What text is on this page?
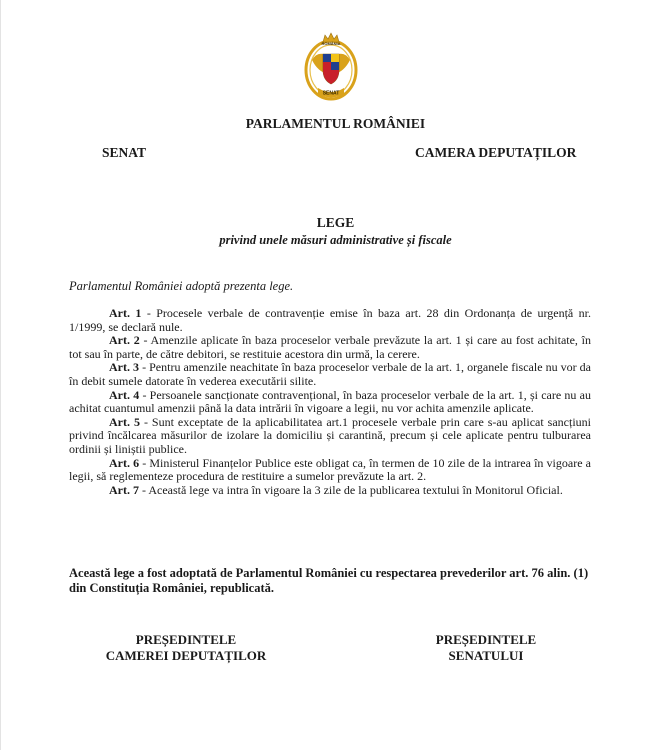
SENAT
ROMÂNIA
PARLAMENTUL ROMÂNIEI
SENAT	CAMERA DEPUTAȚILOR
LEGE
privind unele măsuri administrative și fiscale
Parlamentul României adoptă prezenta lege.

Art. 1 - Procesele verbale de contravenție emise în baza art. 28 din Ordonanța de urgență nr. 1/1999, se declară nule.

Art. 2 - Amenzile aplicate în baza proceselor verbale prevăzute la art. 1 și care au fost achitate, în tot sau în parte, de către debitori, se restituie acestora din urmă, la cerere.

Art. 3 - Pentru amenzile neachitate în baza proceselor verbale de la art. 1, organele fiscale nu vor da în debit sumele datorate în vederea executării silite.

Art. 4 - Persoanele sancționate contravențional, în baza proceselor verbale de la art. 1, și care nu au achitat cuantumul amenzii până la data intrării în vigoare a legii, nu vor achita amenzile aplicate.

Art. 5 - Sunt exceptate de la aplicabilitatea art.1 procesele verbale prin care s-au aplicat sancțiuni privind încălcarea măsurilor de izolare la domiciliu și carantină, precum și cele aplicate pentru tulburarea ordinii și liniștii publice.

Art. 6 - Ministerul Finanțelor Publice este obligat ca, în termen de 10 zile de la intrarea în vigoare a legii, să reglementeze procedura de restituire a sumelor prevăzute la art. 2.

Art. 7 - Această lege va intra în vigoare la 3 zile de la publicarea textului în Monitorul Oficial.

Această lege a fost adoptată de Parlamentul României cu respectarea prevederilor art. 76 alin. (1) din Constituția României, republicată.
PREȘEDINTELE
CAMEREI DEPUTAȚILOR
PREȘEDINTELE
SENATULUI
